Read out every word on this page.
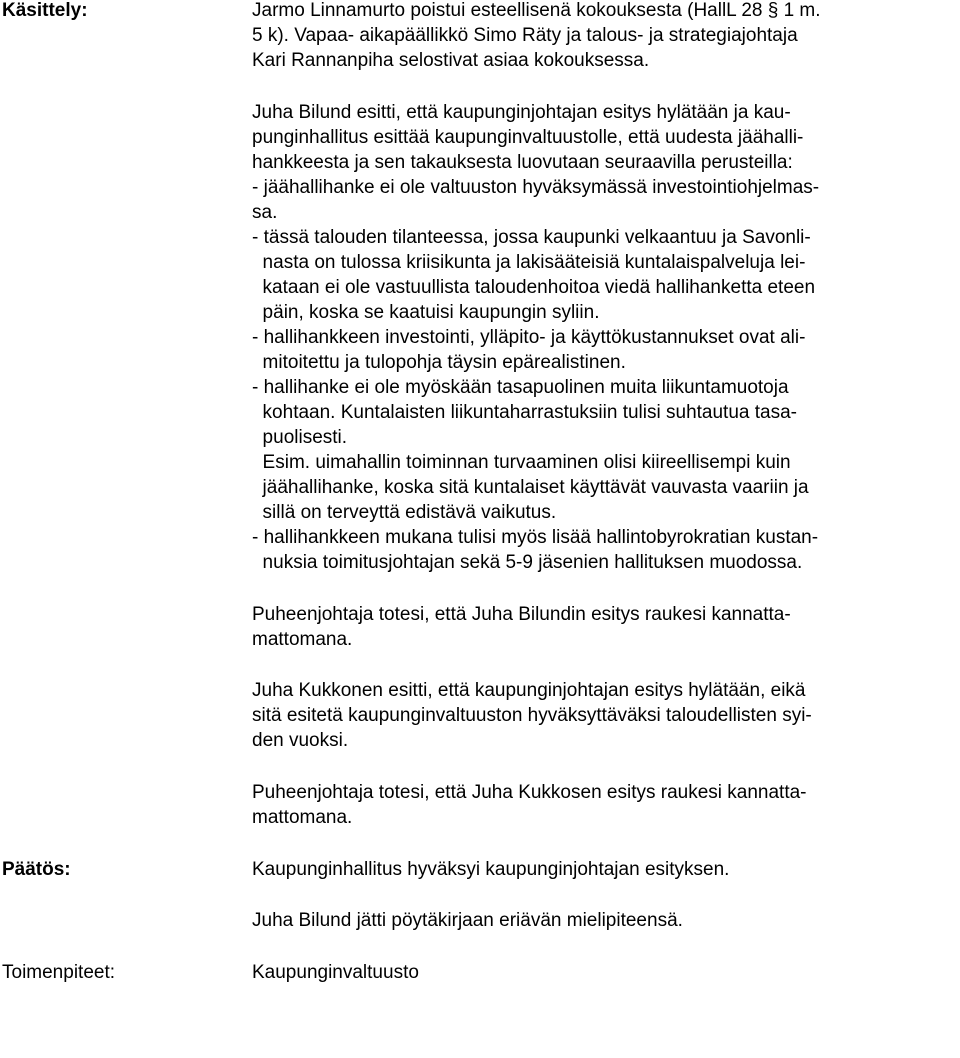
Käsittely:	Jarmo Linnamurto poistui esteellisenä kokouksesta (HallL 28 § 1 m.
5 k). Vapaa- aikapäällikkö Simo Räty ja talous- ja strategiajohtaja
Kari Rannanpiha selostivat asiaa kokouksessa.
Juha Bilund esitti, että kaupunginjohtajan esitys hylätään ja kau-
punginhallitus esittää kaupunginvaltuustolle, että uudesta jäähalli-
hankkeesta ja sen takauksesta luovutaan seuraavilla perusteilla:
- jäähallihanke ei ole valtuuston hyväksymässä investointiohjelmas-
sa.
- tässä talouden tilanteessa, jossa kaupunki velkaantuu ja Savonli-
nasta on tulossa kriisikunta ja lakisääteisiä kuntalaispalveluja lei-
kataan ei ole vastuullista taloudenhoitoa viedä hallihanketta eteen
päin, koska se kaatuisi kaupungin syliin.
- hallihankkeen investointi, ylläpito- ja käyttökustannukset ovat ali-
mitoitettu ja tulopohja täysin epärealistinen.
- hallihanke ei ole myöskään tasapuolinen muita liikuntamuotoja
kohtaan. Kuntalaisten liikuntaharrastuksiin tulisi suhtautua tasa-
puolisesti.
Esim. uimahallin toiminnan turvaaminen olisi kiireellisempi kuin
jäähallihanke, koska sitä kuntalaiset käyttävät vauvasta vaariin ja
sillä on terveyttä edistävä vaikutus.
- hallihankkeen mukana tulisi myös lisää hallintobyrokratian kustan-
nuksia toimitusjohtajan sekä 5-9 jäsenien hallituksen muodossa.
Puheenjohtaja totesi, että Juha Bilundin esitys raukesi kannatta-
mattomana.
Juha Kukkonen esitti, että kaupunginjohtajan esitys hylätään, eikä
sitä esitetä kaupunginvaltuuston hyväksyttäväksi taloudellisten syi-
den vuoksi.
Puheenjohtaja totesi, että Juha Kukkosen esitys raukesi kannatta-
mattomana.
Päätös:	Kaupunginhallitus hyväksyi kaupunginjohtajan esityksen.
Juha Bilund jätti pöytäkirjaan eriävän mielipiteensä.
Toimenpiteet:	Kaupunginvaltuusto
